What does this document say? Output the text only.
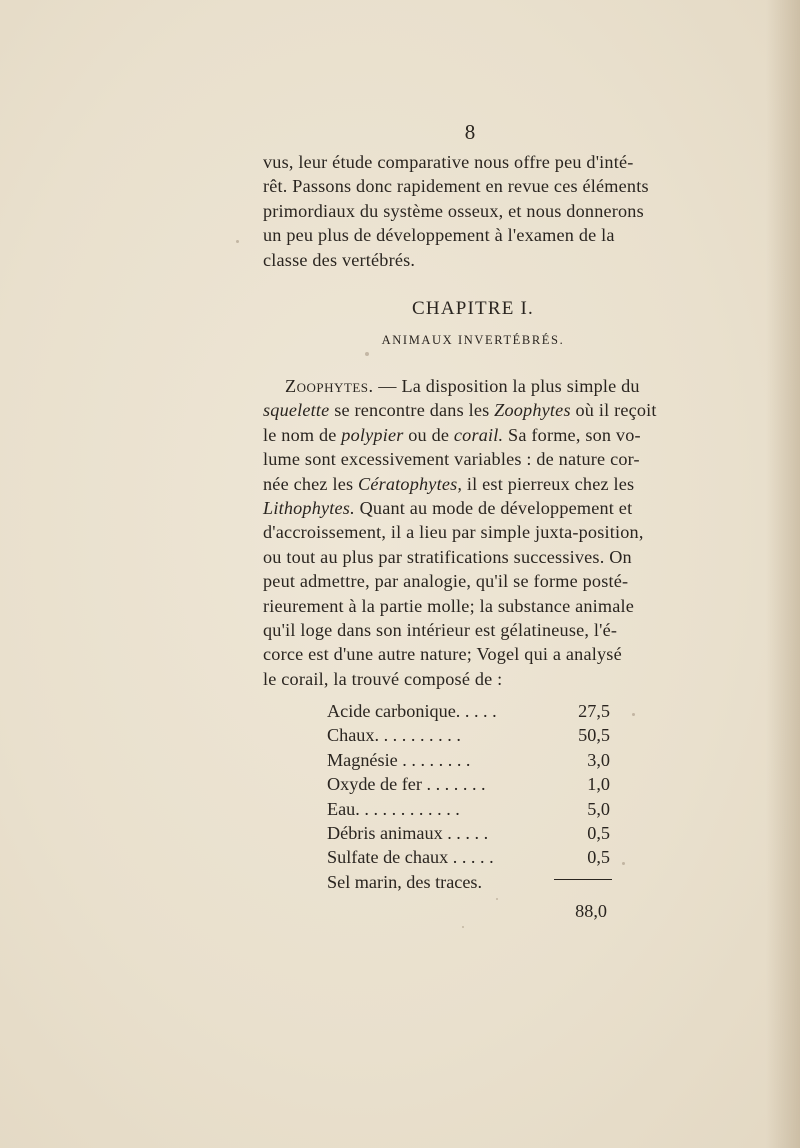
8

vus, leur étude comparative nous offre peu d'inté-

rêt. Passons donc rapidement en revue ces éléments

primordiaux du système osseux, et nous donnerons

un peu plus de développement à l'examen de la

classe des vertébrés.

CHAPITRE I.
ANIMAUX INVERTÉBRÉS.
Zoophytes. — La disposition la plus simple du
squelette se rencontre dans les Zoophytes où il reçoit
le nom de polypier ou de corail. Sa forme, son vo-
lume sont excessivement variables : de nature cor-
née chez les Cératophytes, il est pierreux chez les
Lithophytes. Quant au mode de développement et
d'accroissement, il a lieu par simple juxta-position,
ou tout au plus par stratifications successives. On
peut admettre, par analogie, qu'il se forme posté-
rieurement à la partie molle; la substance animale
qu'il loge dans son intérieur est gélatineuse, l'é-
corce est d'une autre nature; Vogel qui a analysé
le corail, la trouvé composé de :
Acide carbonique. . . . .	27,5
Chaux. . . . . . . . . .	50,5
Magnésie . . . . . . . .	3,0
Oxyde de fer . . . . . . .	1,0
Eau. . . . . . . . . . . .	5,0
Débris animaux . . . . .	0,5
Sulfate de chaux . . . . .	0,5
Sel marin, des traces.
88,0
